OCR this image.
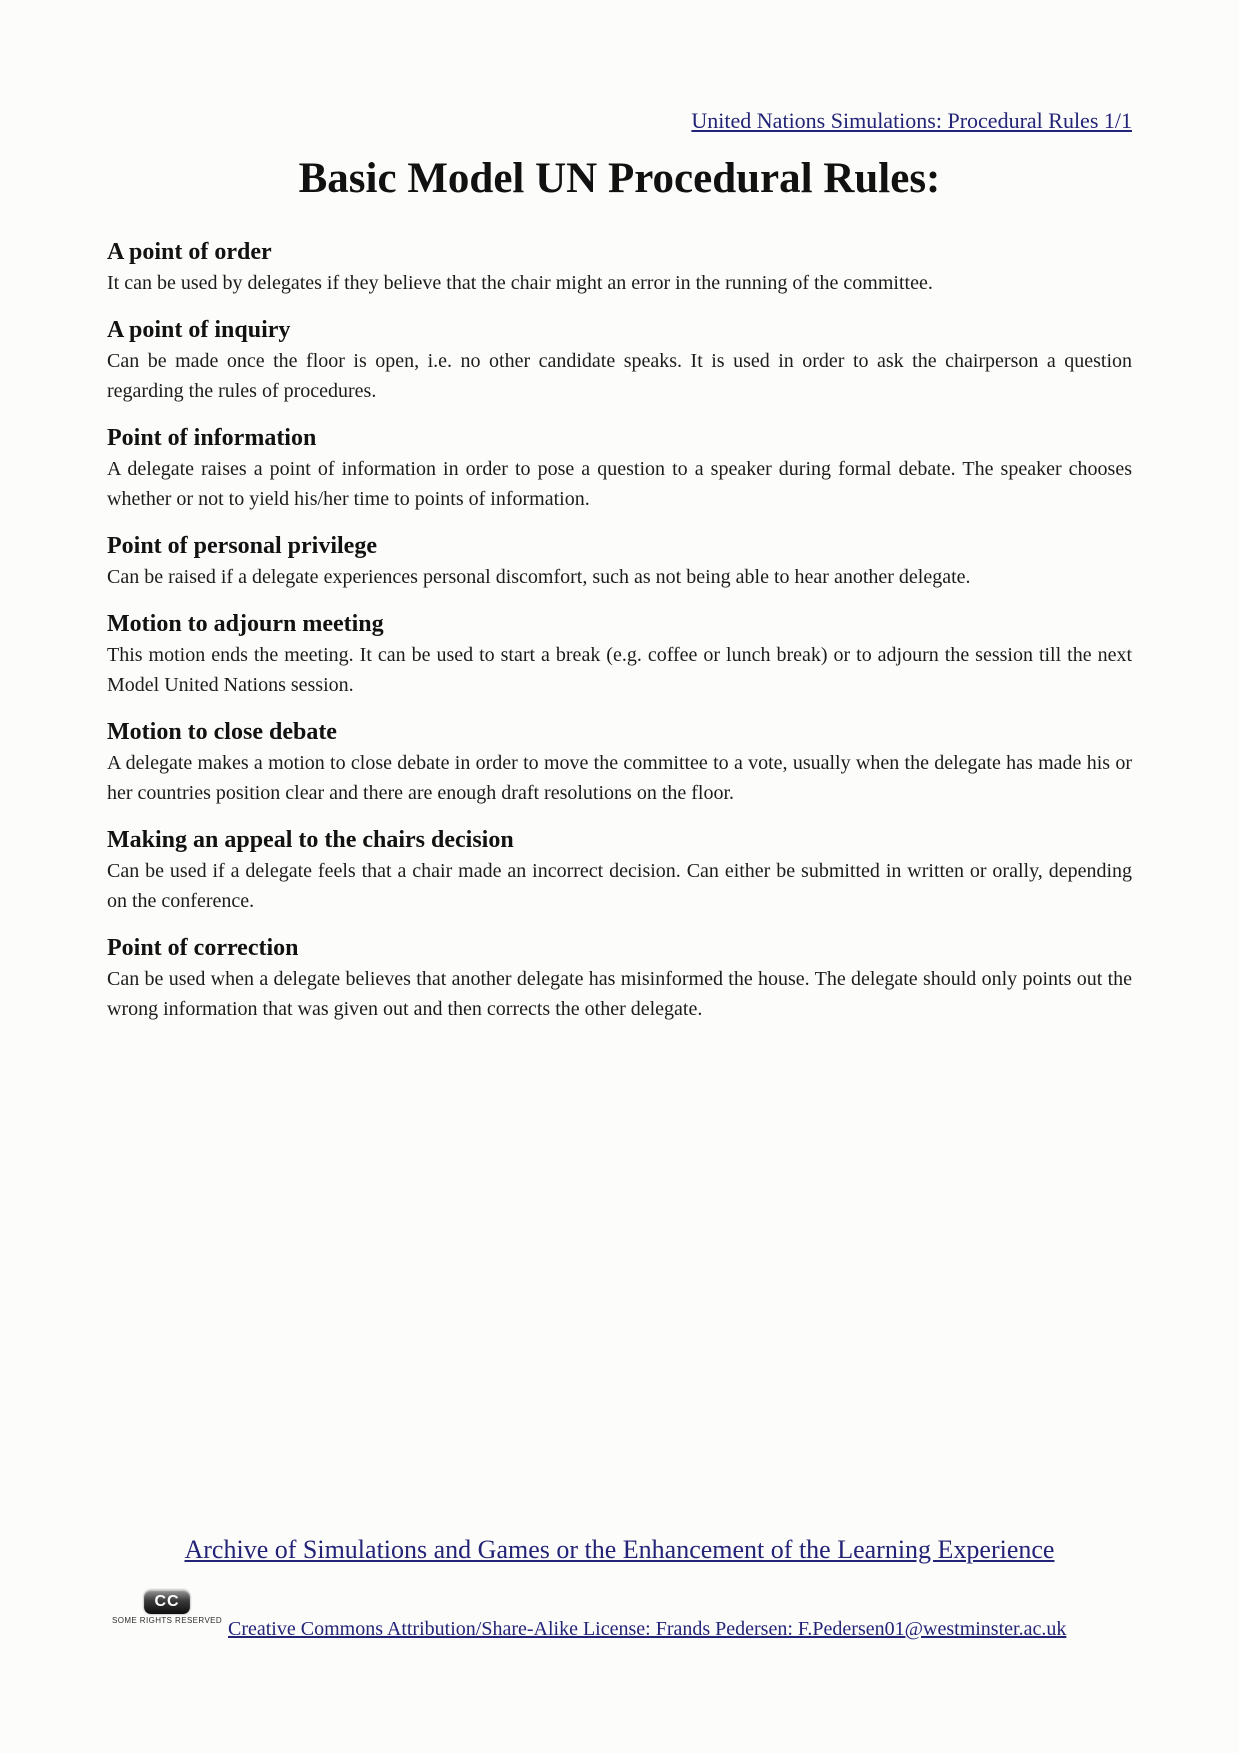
United Nations Simulations: Procedural Rules 1/1
Basic Model UN Procedural Rules:
A point of order

It can be used by delegates if they believe that the chair might an error in the running of the committee.

A point of inquiry

Can be made once the floor is open, i.e. no other candidate speaks. It is used in order to ask the chairperson a question regarding the rules of procedures.

Point of information

A delegate raises a point of information in order to pose a question to a speaker during formal debate. The speaker chooses whether or not to yield his/her time to points of information.

Point of personal privilege

Can be raised if a delegate experiences personal discomfort, such as not being able to hear another delegate.

Motion to adjourn meeting

This motion ends the meeting. It can be used to start a break (e.g. coffee or lunch break) or to adjourn the session till the next Model United Nations session.

Motion to close debate

A delegate makes a motion to close debate in order to move the committee to a vote, usually when the delegate has made his or her countries position clear and there are enough draft resolutions on the floor.

Making an appeal to the chairs decision

Can be used if a delegate feels that a chair made an incorrect decision. Can either be submitted in written or orally, depending on the conference.

Point of correction

Can be used when a delegate believes that another delegate has misinformed the house. The delegate should only points out the wrong information that was given out and then corrects the other delegate.

Archive of Simulations and Games or the Enhancement of the Learning Experience
CC
SOME RIGHTS RESERVED Creative Commons Attribution/Share-Alike License: Frands Pedersen: F.Pedersen01@westminster.ac.uk
